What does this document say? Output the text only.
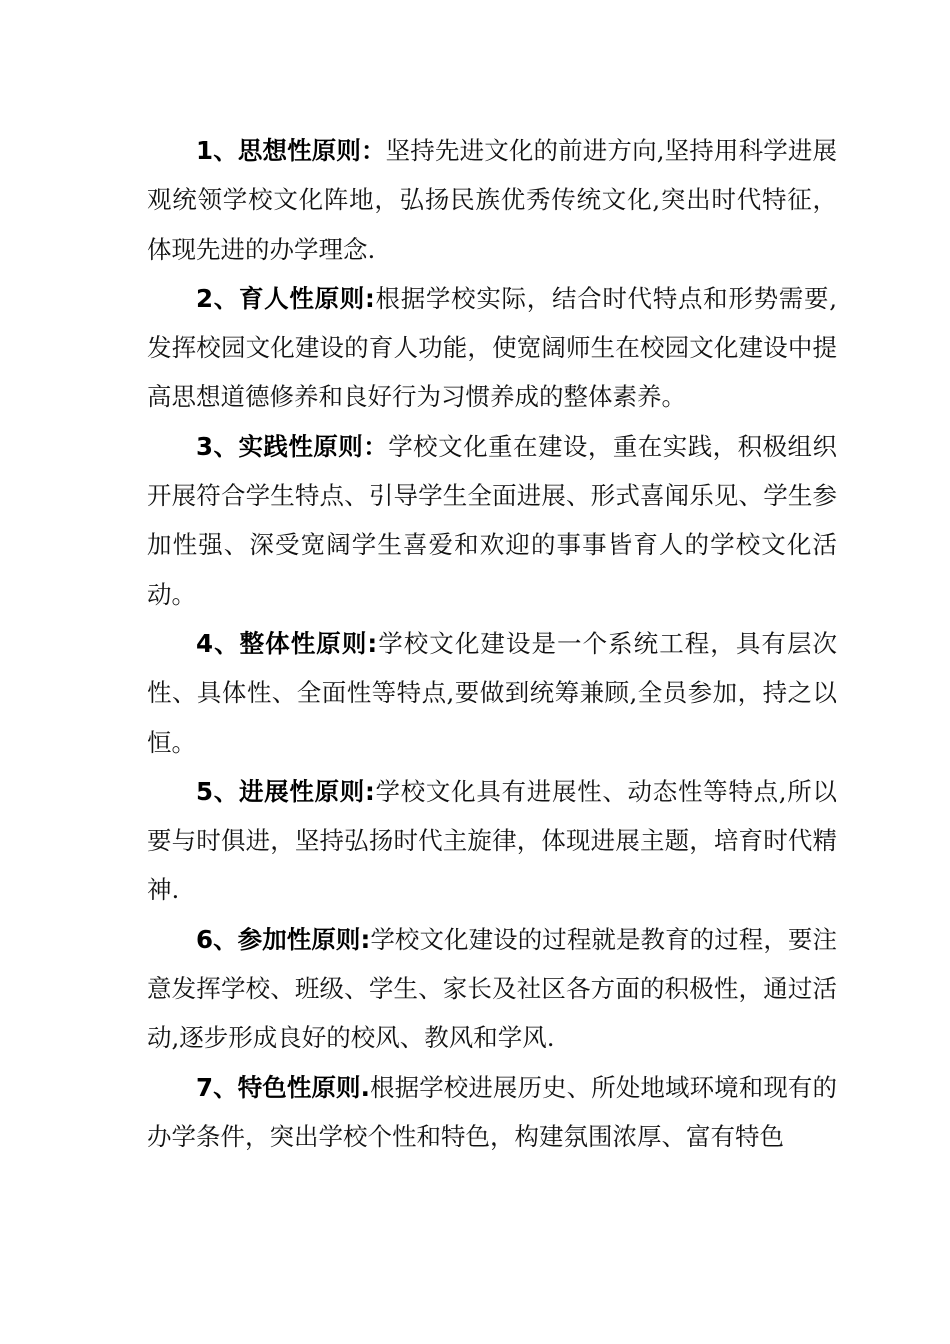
1、思想性原则：坚持先进文化的前进方向,坚持用科学进展观统领学校文化阵地，弘扬民族优秀传统文化,突出时代特征，体现先进的办学理念.

2、育人性原则:根据学校实际，结合时代特点和形势需要,发挥校园文化建设的育人功能，使宽阔师生在校园文化建设中提高思想道德修养和良好行为习惯养成的整体素养。

3、实践性原则：学校文化重在建设，重在实践，积极组织开展符合学生特点、引导学生全面进展、形式喜闻乐见、学生参加性强、深受宽阔学生喜爱和欢迎的事事皆育人的学校文化活动。

4、整体性原则:学校文化建设是一个系统工程，具有层次性、具体性、全面性等特点,要做到统筹兼顾,全员参加，持之以恒。

5、进展性原则:学校文化具有进展性、动态性等特点,所以要与时俱进，坚持弘扬时代主旋律，体现进展主题，培育时代精神.

6、参加性原则:学校文化建设的过程就是教育的过程，要注意发挥学校、班级、学生、家长及社区各方面的积极性，通过活动,逐步形成良好的校风、教风和学风.

7、特色性原则.根据学校进展历史、所处地域环境和现有的办学条件，突出学校个性和特色，构建氛围浓厚、富有特色
